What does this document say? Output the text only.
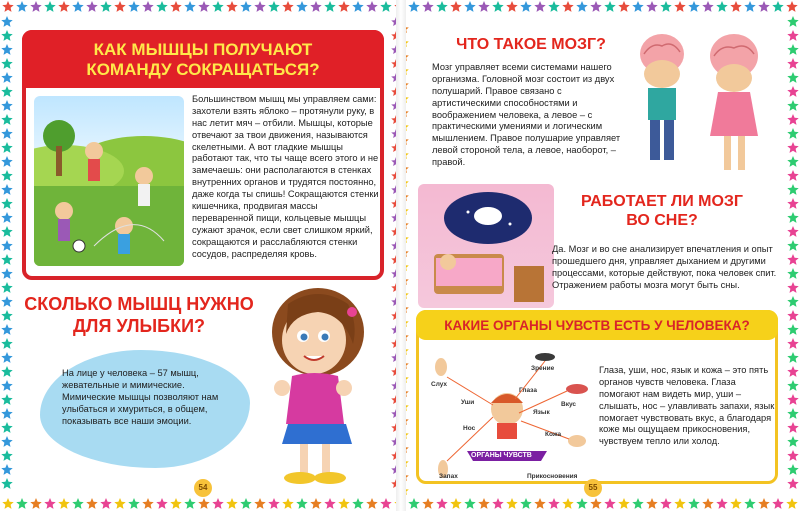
КАК МЫШЦЫ ПОЛУЧАЮТ
КОМАНДУ СОКРАЩАТЬСЯ?
Большинством мышц мы управляем сами: захотели взять яблоко – протянули руку, в нас летит мяч – отбили. Мышцы, которые отвечают за твои движения, называются скелетными. А вот гладкие мышцы работают так, что ты чаще всего этого и не замечаешь: они располагаются в стенках внутренних органов и трудятся постоянно, даже когда ты спишь! Сокращаются стенки кишечника, продвигая массы переваренной пищи, кольцевые мышцы сужают зрачок, если свет слишком яркий, сокращаются и расслабляются стенки сосудов, распределяя кровь.
СКОЛЬКО МЫШЦ НУЖНО
ДЛЯ УЛЫБКИ?
На лице у человека – 57 мышц, жевательные и мимические. Мимические мышцы позволяют нам улыбаться и хмуриться, в общем, показывать все наши эмоции.
54
ЧТО ТАКОЕ МОЗГ?
Мозг управляет всеми системами нашего организма. Головной мозг состоит из двух полушарий. Правое связано с артистическими способностями и воображением человека, а левое – с практическими умениями и логическим мышлением. Правое полушарие управляет левой стороной тела, а левое, наоборот, – правой.
РАБОТАЕТ ЛИ МОЗГ
ВО СНЕ?
Да. Мозг и во сне анализирует впечатления и опыт прошедшего дня, управляет дыханием и другими процессами, которые действуют, пока человек спит. Отражением работы мозга могут быть сны.
КАКИЕ ОРГАНЫ ЧУВСТВ ЕСТЬ У ЧЕЛОВЕКА?
Зрение
Слух
Уши
Глаза
Вкус
Язык
Нос
Кожа
ОРГАНЫ ЧУВСТВ
Запах	Прикосновения
Глаза, уши, нос, язык и кожа – это пять органов чувств человека. Глаза помогают нам видеть мир, уши – слышать, нос – улавливать запахи, язык помогает чувствовать вкус, а благодаря коже мы ощущаем прикосновения, чувствуем тепло или холод.
55
